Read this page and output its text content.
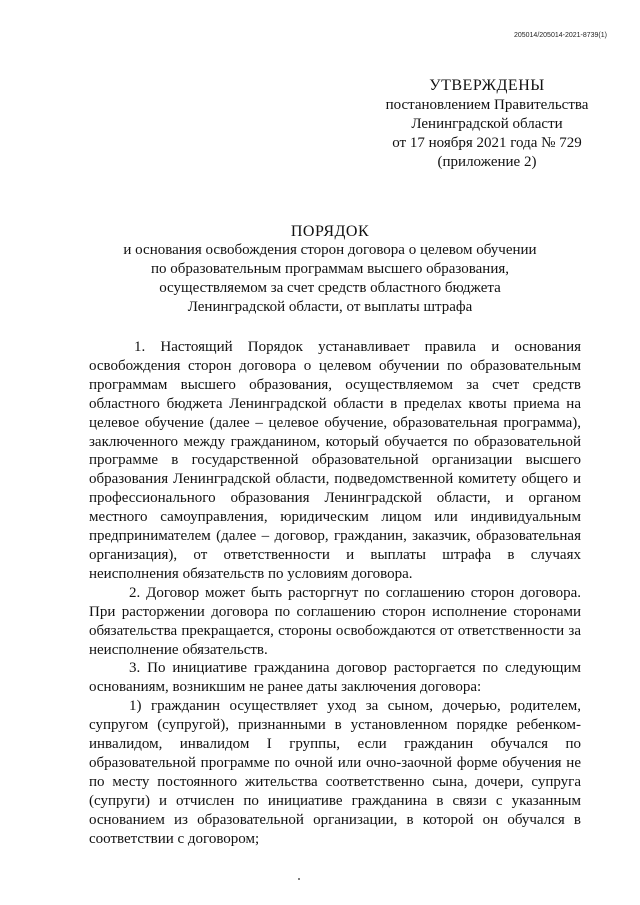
205014/205014-2021-8739(1)
УТВЕРЖДЕНЫ
постановлением Правительства
Ленинградской области
от 17 ноября 2021 года № 729
(приложение 2)
ПОРЯДОК
и основания освобождения сторон договора о целевом обучении
по образовательным программам высшего образования,
осуществляемом за счет средств областного бюджета
Ленинградской области, от выплаты штрафа

1. Настоящий Порядок устанавливает правила и основания освобождения сторон договора о целевом обучении по образовательным программам высшего образования, осуществляемом за счет средств областного бюджета Ленинградской области в пределах квоты приема на целевое обучение (далее – целевое обучение, образовательная программа), заключенного между гражданином, который обучается по образовательной программе в государственной образовательной организации высшего образования Ленинградской области, подведомственной комитету общего и профессионального образования Ленинградской области, и органом местного самоуправления, юридическим лицом или индивидуальным предпринимателем (далее – договор, гражданин, заказчик, образовательная организация), от ответственности и выплаты штрафа в случаях неисполнения обязательств по условиям договора.

2. Договор может быть расторгнут по соглашению сторон договора. При расторжении договора по соглашению сторон исполнение сторонами обязательства прекращается, стороны освобождаются от ответственности за неисполнение обязательств.

3. По инициативе гражданина договор расторгается по следующим основаниям, возникшим не ранее даты заключения договора:

1) гражданин осуществляет уход за сыном, дочерью, родителем, супругом (супругой), признанными в установленном порядке ребенком-инвалидом, инвалидом I группы, если гражданин обучался по образовательной программе по очной или очно-заочной форме обучения не по месту постоянного жительства соответственно сына, дочери, супруга (супруги) и отчислен по инициативе гражданина в связи с указанным основанием из образовательной организации, в которой он обучался в соответствии с договором;
